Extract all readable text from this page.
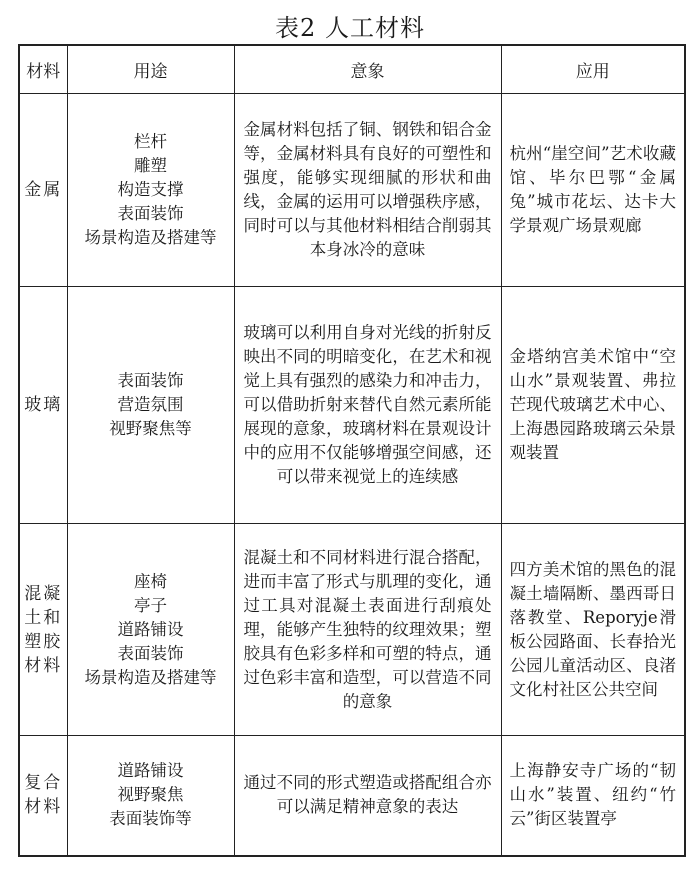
表2 人工材料
材料	用途	意象	应用
金属	栏杆
雕塑
构造支撑
表面装饰
场景构造及搭建等	金属材料包括了铜、钢铁和铝合金等，金属材料具有良好的可塑性和强度，能够实现细腻的形状和曲线，金属的运用可以增强秩序感，同时可以与其他材料相结合削弱其本身冰冷的意味	杭州“崖空间”艺术收藏馆、毕尔巴鄂“金属兔”城市花坛、达卡大学景观广场景观廊
玻璃	表面装饰
营造氛围
视野聚焦等	玻璃可以利用自身对光线的折射反映出不同的明暗变化，在艺术和视觉上具有强烈的感染力和冲击力，可以借助折射来替代自然元素所能展现的意象，玻璃材料在景观设计中的应用不仅能够增强空间感，还可以带来视觉上的连续感	金塔纳宫美术馆中“空山水”景观装置、弗拉芒现代玻璃艺术中心、上海愚园路玻璃云朵景观装置
混凝土和塑胶材料	座椅
亭子
道路铺设
表面装饰
场景构造及搭建等	混凝土和不同材料进行混合搭配，进而丰富了形式与肌理的变化，通过工具对混凝土表面进行刮痕处理，能够产生独特的纹理效果；塑胶具有色彩多样和可塑的特点，通过色彩丰富和造型，可以营造不同的意象	四方美术馆的黑色的混凝土墙隔断、墨西哥日落教堂、Reporyje滑板公园路面、长春拾光公园儿童活动区、良渚文化村社区公共空间
复合材料	道路铺设
视野聚焦
表面装饰等	通过不同的形式塑造或搭配组合亦可以满足精神意象的表达	上海静安寺广场的“韧山水”装置、纽约“竹云”街区装置亭
